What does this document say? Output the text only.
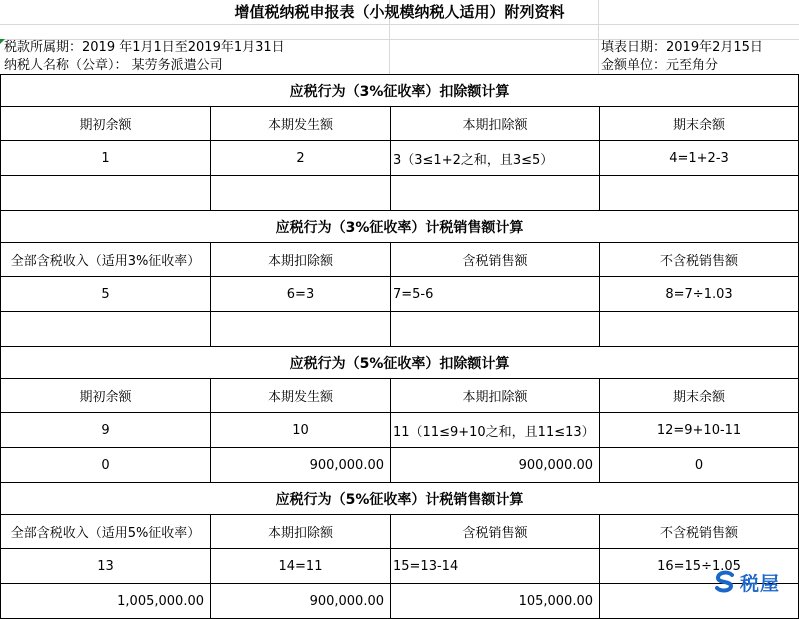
增值税纳税申报表（小规模纳税人适用）附列资料
税款所属期：2019 年1月1日至2019年1月31日	填表日期：2019年2月15日
纳税人名称（公章）： 某劳务派遣公司	金额单位：元至角分
应税行为（3%征收率）扣除额计算			
期初余额	本期发生额	本期扣除额	期末余额
1	2	3（3≤1+2之和，且3≤5）	4=1+2-3

应税行为（3%征收率）计税销售额计算			
全部含税收入（适用3%征收率）	本期扣除额	含税销售额	不含税销售额
5	6=3	7=5-6	8=7÷1.03

应税行为（5%征收率）扣除额计算			
期初余额	本期发生额	本期扣除额	期末余额
9	10	11（11≤9+10之和，且11≤13）	12=9+10-11
0	900,000.00	900,000.00	0
应税行为（5%征收率）计税销售额计算			
全部含税收入（适用5%征收率）	本期扣除额	含税销售额	不含税销售额
13	14=11	15=13-14	16=15÷1.05
1,005,000.00	900,000.00	105,000.00	
税屋
